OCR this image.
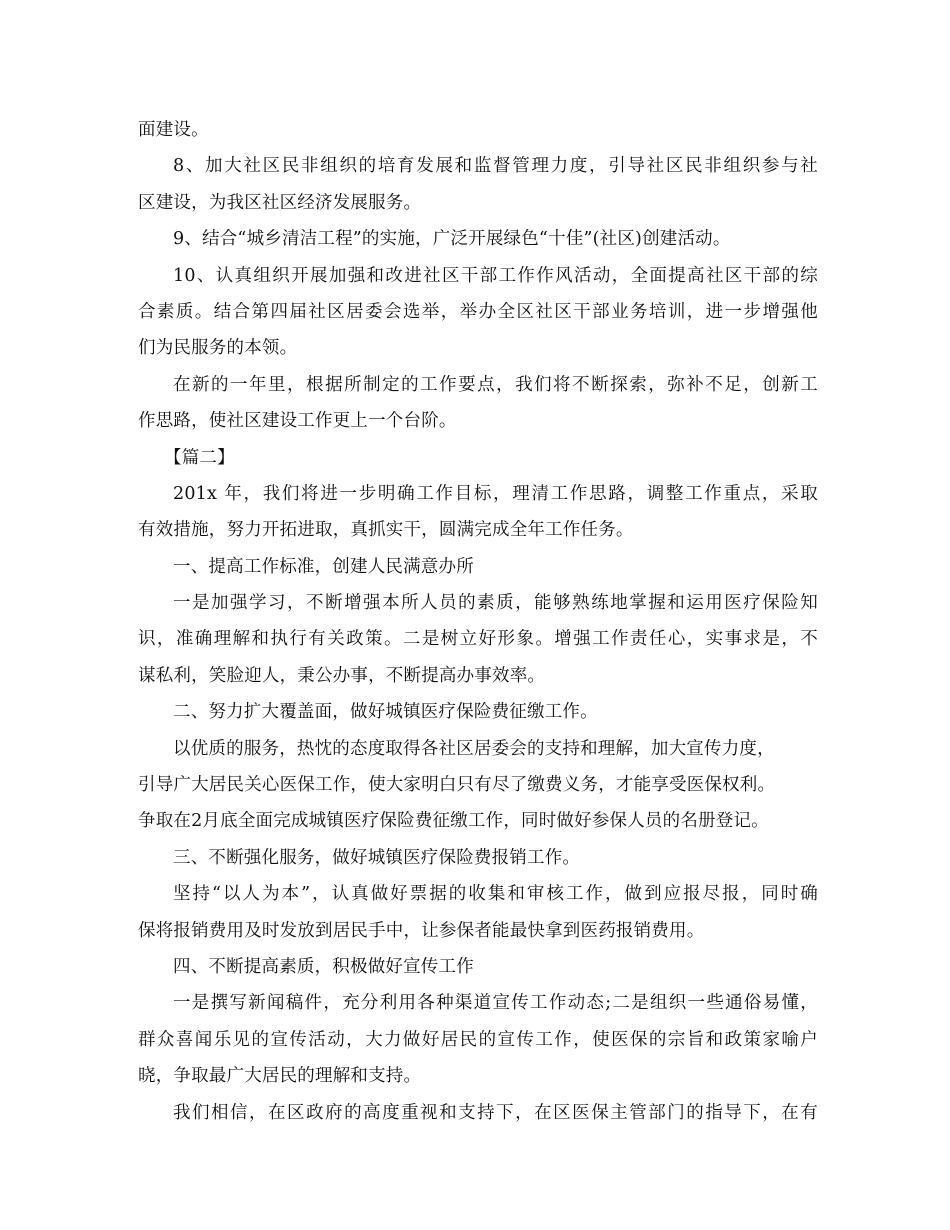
面建设。
8、加大社区民非组织的培育发展和监督管理力度，引导社区民非组织参与社
区建设，为我区社区经济发展服务。
9、结合“城乡清洁工程”的实施，广泛开展绿色“十佳”(社区)创建活动。
10、认真组织开展加强和改进社区干部工作作风活动，全面提高社区干部的综
合素质。结合第四届社区居委会选举，举办全区社区干部业务培训，进一步增强他
们为民服务的本领。
在新的一年里，根据所制定的工作要点，我们将不断探索，弥补不足，创新工
作思路，使社区建设工作更上一个台阶。
【篇二】
201x 年，我们将进一步明确工作目标，理清工作思路，调整工作重点，采取
有效措施，努力开拓进取，真抓实干，圆满完成全年工作任务。
一、提高工作标准，创建人民满意办所
一是加强学习，不断增强本所人员的素质，能够熟练地掌握和运用医疗保险知
识，准确理解和执行有关政策。二是树立好形象。增强工作责任心，实事求是，不
谋私利，笑脸迎人，秉公办事，不断提高办事效率。
二、努力扩大覆盖面，做好城镇医疗保险费征缴工作。
以优质的服务，热忱的态度取得各社区居委会的支持和理解，加大宣传力度，
引导广大居民关心医保工作，使大家明白只有尽了缴费义务，才能享受医保权利。
争取在2月底全面完成城镇医疗保险费征缴工作，同时做好参保人员的名册登记。
三、不断强化服务，做好城镇医疗保险费报销工作。
坚持“以人为本”，认真做好票据的收集和审核工作，做到应报尽报，同时确
保将报销费用及时发放到居民手中，让参保者能最快拿到医药报销费用。
四、不断提高素质，积极做好宣传工作
一是撰写新闻稿件，充分利用各种渠道宣传工作动态;二是组织一些通俗易懂，
群众喜闻乐见的宣传活动，大力做好居民的宣传工作，使医保的宗旨和政策家喻户
晓，争取最广大居民的理解和支持。
我们相信，在区政府的高度重视和支持下，在区医保主管部门的指导下，在有
